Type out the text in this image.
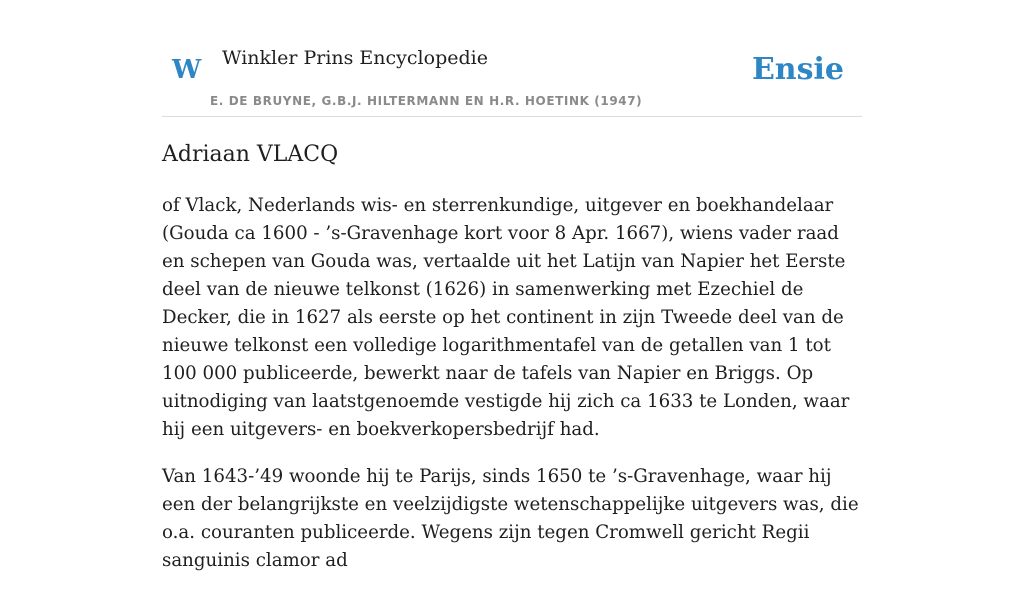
W Winkler Prins Encyclopedie
E. DE BRUYNE, G.B.J. HILTERMANN EN H.R. HOETINK (1947)
Ensie
Adriaan VLACQ

of Vlack, Nederlands wis- en sterrenkundige, uitgever en boekhandelaar (Gouda ca 1600 - ’s-Gravenhage kort voor 8 Apr. 1667), wiens vader raad en schepen van Gouda was, vertaalde uit het Latijn van Napier het Eerste deel van de nieuwe telkonst (1626) in samenwerking met Ezechiel de Decker, die in 1627 als eerste op het continent in zijn Tweede deel van de nieuwe telkonst een volledige logarithmentafel van de getallen van 1 tot 100 000 publiceerde, bewerkt naar de tafels van Napier en Briggs. Op uitnodiging van laatstgenoemde vestigde hij zich ca 1633 te Londen, waar hij een uitgevers- en boekverkopersbedrijf had.

Van 1643-’49 woonde hij te Parijs, sinds 1650 te ’s-Gravenhage, waar hij een der belangrijkste en veelzijdigste wetenschappelijke uitgevers was, die o.a. couranten publiceerde. Wegens zijn tegen Cromwell gericht Regii sanguinis clamor ad
